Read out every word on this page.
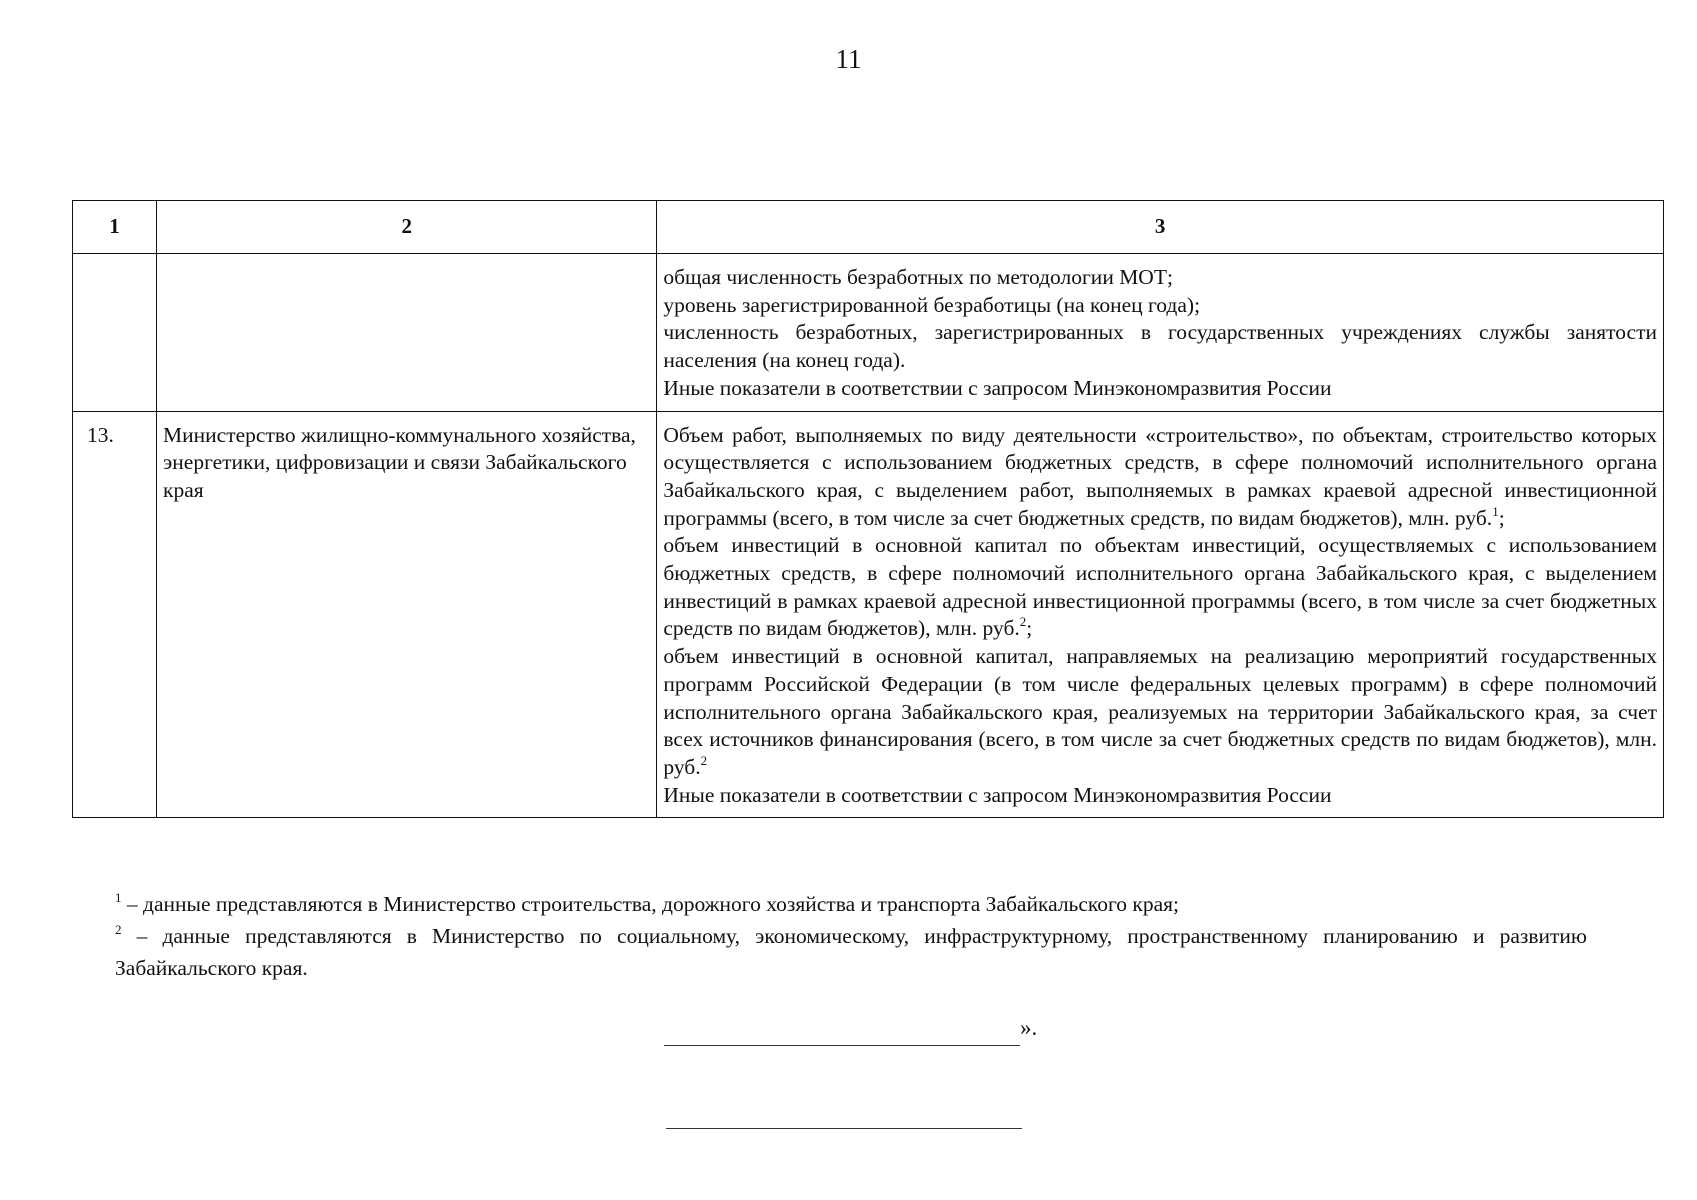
11
1	2	3

		общая численность безработных по методологии МОТ;

уровень зарегистрированной безработицы (на конец года);

численность безработных, зарегистрированных в государственных учреждениях службы занятости населения (на конец года).

Иные показатели в соответствии с запросом Минэкономразвития России

13.	Министерство жилищно-коммунального хозяйства, энергетики, цифровизации и связи Забайкальского края	Объем работ, выполняемых по виду деятельности «строительство», по объектам, строительство которых осуществляется с использованием бюджетных средств, в сфере полномочий исполнительного органа Забайкальского края, с выделением работ, выполняемых в рамках краевой адресной инвестиционной программы (всего, в том числе за счет бюджетных средств, по видам бюджетов), млн. руб.$^1$;

объем инвестиций в основной капитал по объектам инвестиций, осуществляемых с использованием бюджетных средств, в сфере полномочий исполнительного органа Забайкальского края, с выделением инвестиций в рамках краевой адресной инвестиционной программы (всего, в том числе за счет бюджетных средств по видам бюджетов), млн. руб.$^2$;

объем инвестиций в основной капитал, направляемых на реализацию мероприятий государственных программ Российской Федерации (в том числе федеральных целевых программ) в сфере полномочий исполнительного органа Забайкальского края, реализуемых на территории Забайкальского края, за счет всех источников финансирования (всего, в том числе за счет бюджетных средств по видам бюджетов), млн. руб.$^2$

Иные показатели в соответствии с запросом Минэкономразвития России

$^1$ – данные представляются в Министерство строительства, дорожного хозяйства и транспорта Забайкальского края;

$^2$ – данные представляются в Министерство по социальному, экономическому, инфраструктурному, пространственному планированию и развитию Забайкальского края.

».
